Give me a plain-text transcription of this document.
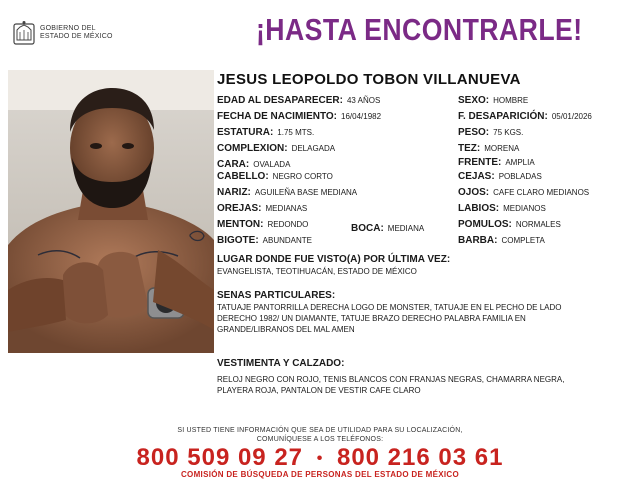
GOBIERNO DEL
ESTADO DE MÉXICO	¡HASTA ENCONTRARLE!
JESUS LEOPOLDO TOBON VILLANUEVA
EDAD AL DESAPARECER: 43 AÑOS
FECHA DE NACIMIENTO: 16/04/1982
ESTATURA: 1.75 MTS.
COMPLEXION: DELAGADA
CARA: OVALADA
CABELLO: NEGRO CORTO
NARIZ: AGUILEÑA BASE MEDIANA
OREJAS: MEDIANAS
MENTON: REDONDO	BOCA: MEDIANA
BIGOTE: ABUNDANTE
SEXO: HOMBRE
F. DESAPARICIÓN: 05/01/2026
PESO: 75 KGS.
TEZ: MORENA
FRENTE: AMPLIA
CEJAS: POBLADAS
OJOS: CAFE CLARO MEDIANOS
LABIOS: MEDIANOS
POMULOS: NORMALES
BARBA: COMPLETA
LUGAR DONDE FUE VISTO(A) POR ÚLTIMA VEZ:
EVANGELISTA, TEOTIHUACÁN, ESTADO DE MÉXICO
SENAS PARTICULARES:
TATUAJE PANTORRILLA DERECHA LOGO DE MONSTER, TATUAJE EN EL PECHO DE LADO DERECHO 1982/ UN DIAMANTE, TATUJE BRAZO DERECHO PALABRA FAMILIA EN GRANDE/LIBRANOS DEL MAL AMEN
VESTIMENTA Y CALZADO:
RELOJ NEGRO CON ROJO, TENIS BLANCOS CON FRANJAS NEGRAS, CHAMARRA NEGRA, PLAYERA ROJA, PANTALON DE VESTIR CAFE CLARO
SI USTED TIENE INFORMACIÓN QUE SEA DE UTILIDAD PARA SU LOCALIZACIÓN,
COMUNÍQUESE A LOS TELÉFONOS:
800 509 09 27 • 800 216 03 61
COMISIÓN DE BÚSQUEDA DE PERSONAS DEL ESTADO DE MÉXICO
